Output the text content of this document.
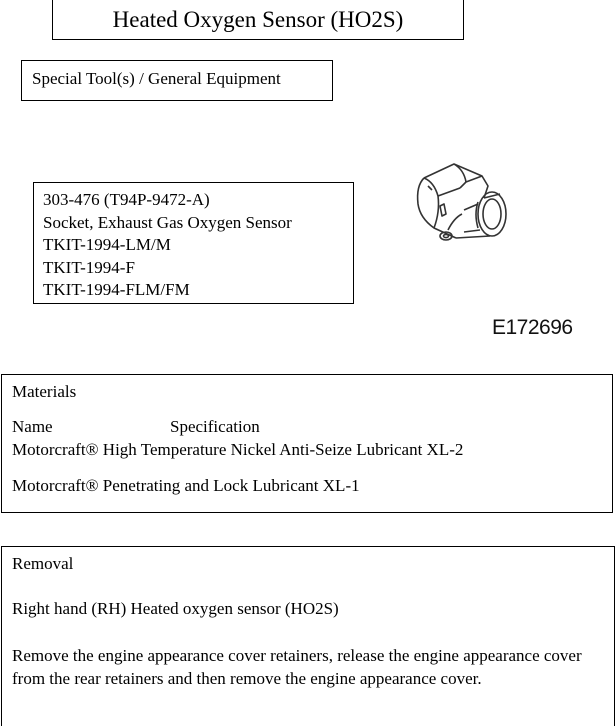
Heated Oxygen Sensor (HO2S)
Special Tool(s) / General Equipment
303-476 (T94P-9472-A)
Socket, Exhaust Gas Oxygen Sensor
TKIT-1994-LM/M
TKIT-1994-F
TKIT-1994-FLM/FM
E172696
Materials
Name	Specification
Motorcraft® High Temperature Nickel Anti-Seize Lubricant XL-2
Motorcraft® Penetrating and Lock Lubricant XL-1
Removal
Right hand (RH) Heated oxygen sensor (HO2S)
Remove the engine appearance cover retainers, release the engine appearance cover from the rear retainers and then remove the engine appearance cover.
